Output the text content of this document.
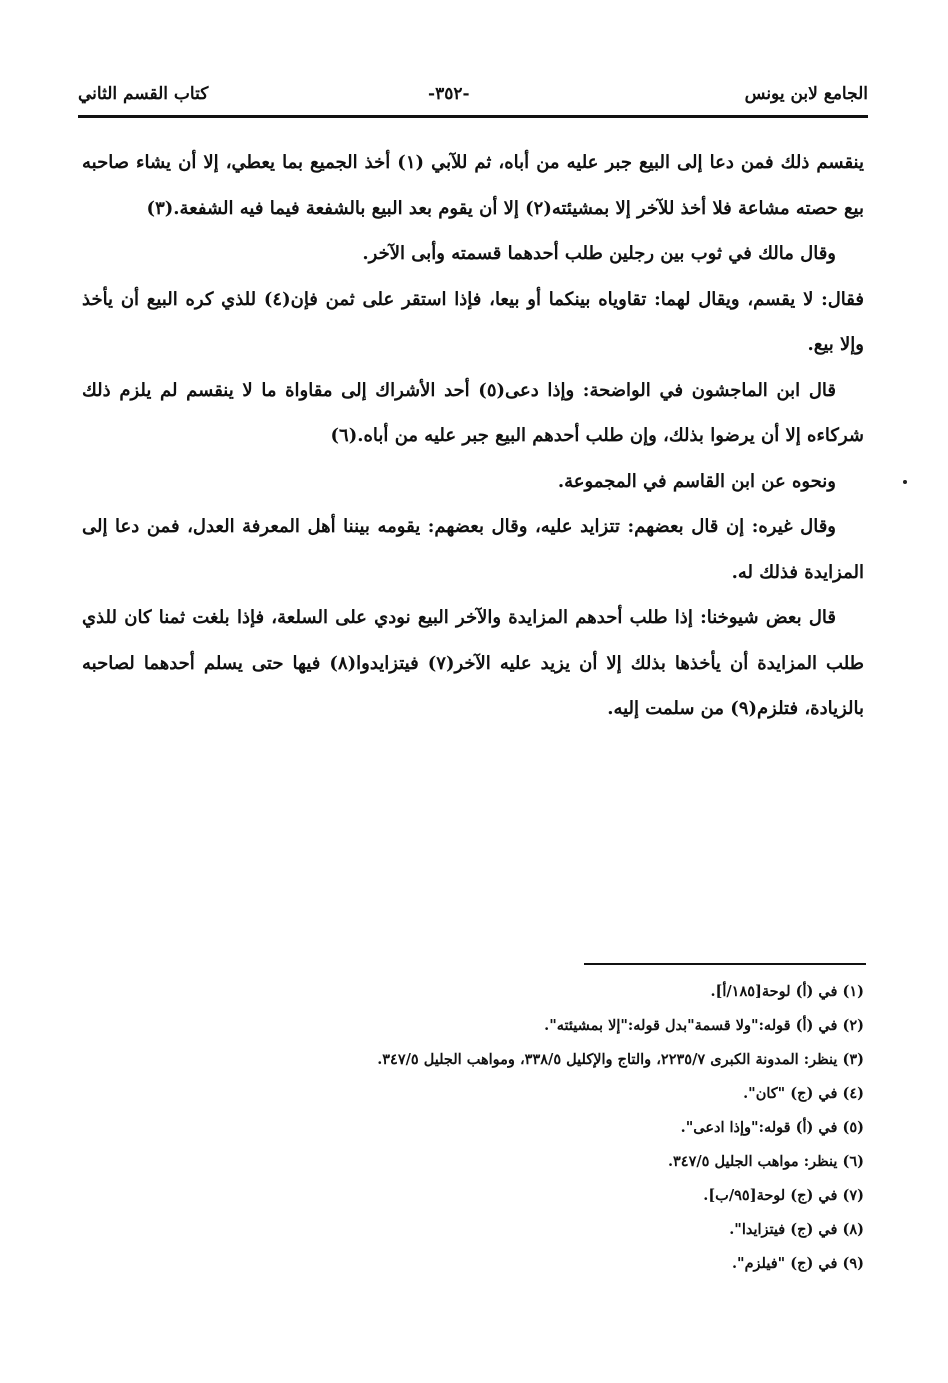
الجامع لابن يونس
-٣٥٢-
كتاب القسم الثاني

ينقسم ذلك فمن دعا إلى البيع جبر عليه من أباه، ثم للآبي (١) أخذ الجميع بما يعطي، إلا أن يشاء صاحبه بيع حصته مشاعة فلا أخذ للآخر إلا بمشيئته(٢) إلا أن يقوم بعد البيع بالشفعة فيما فيه الشفعة.(٣)

وقال مالك في ثوب بين رجلين طلب أحدهما قسمته وأبى الآخر.

فقال: لا يقسم، ويقال لهما: تقاوياه بينكما أو بيعا، فإذا استقر على ثمن فإن(٤) للذي كره البيع أن يأخذ وإلا بيع.

قال ابن الماجشون في الواضحة: وإذا دعى(٥) أحد الأشراك إلى مقاواة ما لا ينقسم لم يلزم ذلك شركاءه إلا أن يرضوا بذلك، وإن طلب أحدهم البيع جبر عليه من أباه.(٦)

ونحوه عن ابن القاسم في المجموعة.

وقال غيره: إن قال بعضهم: تتزايد عليه، وقال بعضهم: يقومه بيننا أهل المعرفة العدل، فمن دعا إلى المزايدة فذلك له.

قال بعض شيوخنا: إذا طلب أحدهم المزايدة والآخر البيع نودي على السلعة، فإذا بلغت ثمنا كان للذي طلب المزايدة أن يأخذها بذلك إلا أن يزيد عليه الآخر(٧) فيتزايدوا(٨) فيها حتى يسلم أحدهما لصاحبه بالزيادة، فتلزم(٩) من سلمت إليه.

(١) في (أ) لوحة[١٨٥/أ].

(٢) في (أ) قوله:"ولا قسمة"بدل قوله:"إلا بمشيئته".

(٣) ينظر: المدونة الكبرى ٢٢٣٥/٧، والتاج والإكليل ٣٣٨/٥، ومواهب الجليل ٣٤٧/٥.

(٤) في (ج) "كان".

(٥) في (أ) قوله:"وإذا ادعى".

(٦) ينظر: مواهب الجليل ٣٤٧/٥.

(٧) في (ج) لوحة[٩٥/ب].

(٨) في (ج) فيتزايدا".

(٩) في (ج) "فيلزم".
